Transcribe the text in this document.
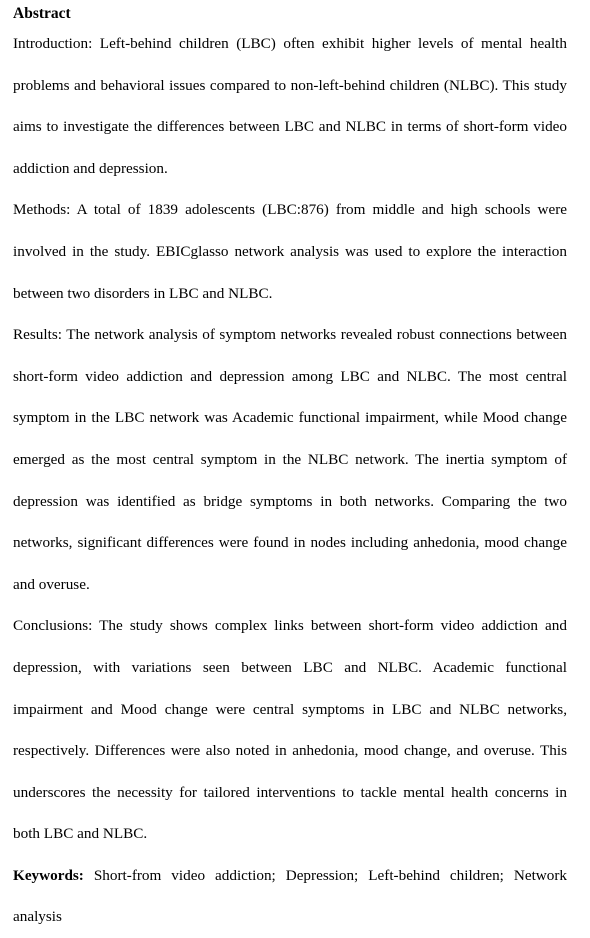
Abstract

Introduction: Left-behind children (LBC) often exhibit higher levels of mental health problems and behavioral issues compared to non-left-behind children (NLBC). This study aims to investigate the differences between LBC and NLBC in terms of short-form video addiction and depression.

Methods: A total of 1839 adolescents (LBC:876) from middle and high schools were involved in the study. EBICglasso network analysis was used to explore the interaction between two disorders in LBC and NLBC.

Results: The network analysis of symptom networks revealed robust connections between short-form video addiction and depression among LBC and NLBC. The most central symptom in the LBC network was Academic functional impairment, while Mood change emerged as the most central symptom in the NLBC network. The inertia symptom of depression was identified as bridge symptoms in both networks. Comparing the two networks, significant differences were found in nodes including anhedonia, mood change and overuse.

Conclusions: The study shows complex links between short-form video addiction and depression, with variations seen between LBC and NLBC. Academic functional impairment and Mood change were central symptoms in LBC and NLBC networks, respectively. Differences were also noted in anhedonia, mood change, and overuse. This underscores the necessity for tailored interventions to tackle mental health concerns in both LBC and NLBC.

Keywords: Short-from video addiction; Depression; Left-behind children; Network analysis
